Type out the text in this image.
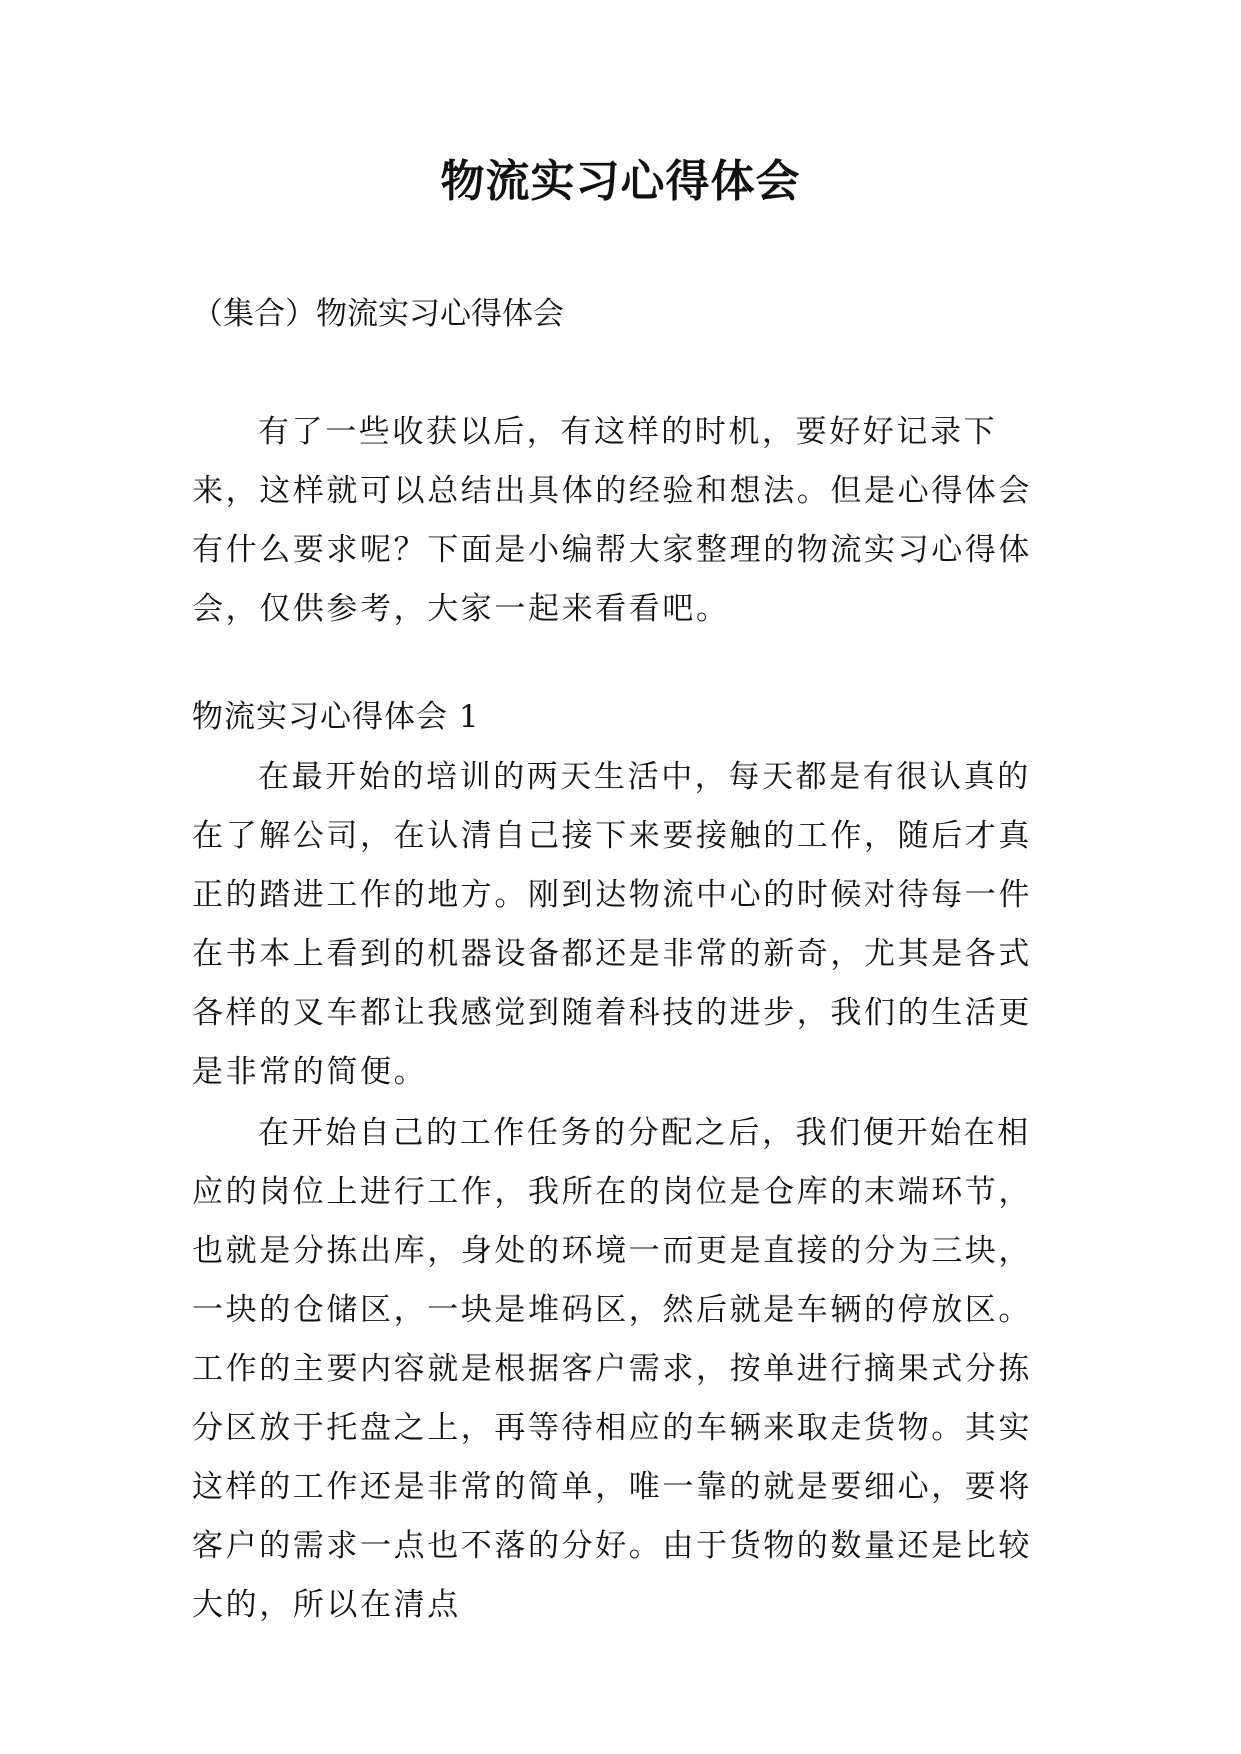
物流实习心得体会

（集合）物流实习心得体会

有了一些收获以后，有这样的时机，要好好记录下来，这样就可以总结出具体的经验和想法。但是心得体会有什么要求呢？下面是小编帮大家整理的物流实习心得体会，仅供参考，大家一起来看看吧。

物流实习心得体会 1

在最开始的培训的两天生活中，每天都是有很认真的在了解公司，在认清自己接下来要接触的工作，随后才真正的踏进工作的地方。刚到达物流中心的时候对待每一件在书本上看到的机器设备都还是非常的新奇，尤其是各式各样的叉车都让我感觉到随着科技的进步，我们的生活更是非常的简便。

在开始自己的工作任务的分配之后，我们便开始在相应的岗位上进行工作，我所在的岗位是仓库的末端环节，也就是分拣出库，身处的环境一而更是直接的分为三块，一块的仓储区，一块是堆码区，然后就是车辆的停放区。工作的主要内容就是根据客户需求，按单进行摘果式分拣分区放于托盘之上，再等待相应的车辆来取走货物。其实这样的工作还是非常的简单，唯一靠的就是要细心，要将客户的需求一点也不落的分好。由于货物的数量还是比较大的，所以在清点
